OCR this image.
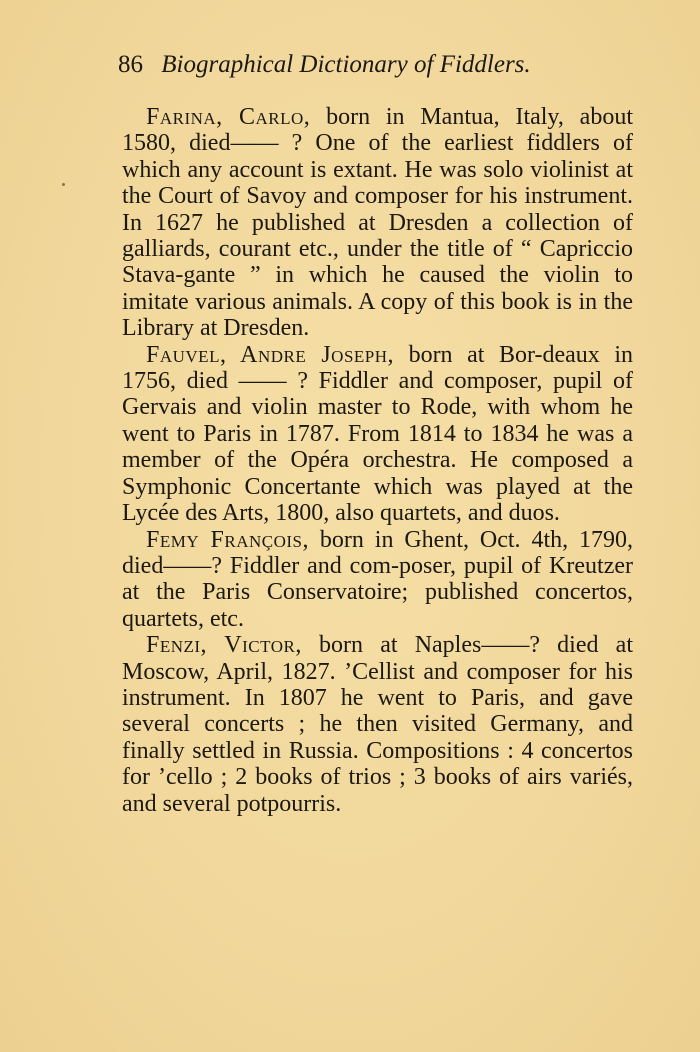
86 Biographical Dictionary of Fiddlers.

Farina, Carlo, born in Mantua, Italy, about 1580, died—— ? One of the earliest fiddlers of which any account is extant. He was solo violinist at the Court of Savoy and composer for his instrument. In 1627 he published at Dresden a collection of galliards, courant etc., under the title of “ Capriccio Stava-gante ” in which he caused the violin to imitate various animals. A copy of this book is in the Library at Dresden.

Fauvel, Andre Joseph, born at Bor-deaux in 1756, died —— ? Fiddler and composer, pupil of Gervais and violin master to Rode, with whom he went to Paris in 1787. From 1814 to 1834 he was a member of the Opéra orchestra. He composed a Symphonic Concertante which was played at the Lycée des Arts, 1800, also quartets, and duos.

Femy François, born in Ghent, Oct. 4th, 1790, died——? Fiddler and com-poser, pupil of Kreutzer at the Paris Conservatoire; published concertos, quartets, etc.

Fenzi, Victor, born at Naples——? died at Moscow, April, 1827. ’Cellist and composer for his instrument. In 1807 he went to Paris, and gave several concerts ; he then visited Germany, and finally settled in Russia. Compositions : 4 concertos for ’cello ; 2 books of trios ; 3 books of airs variés, and several potpourris.
